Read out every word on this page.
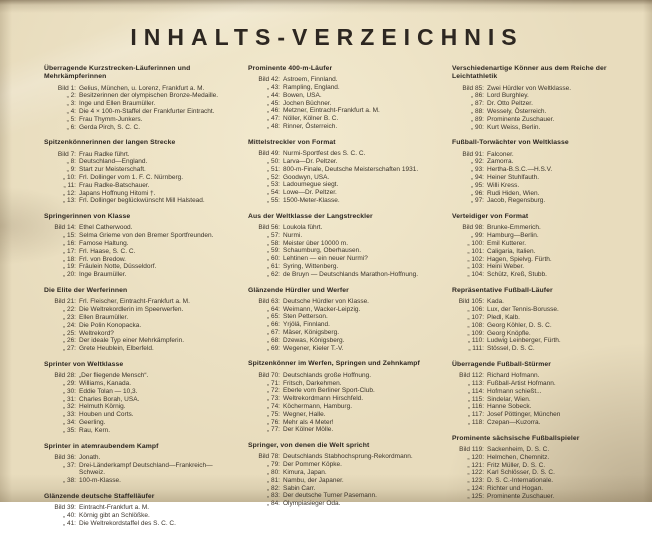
INHALTS-VERZEICHNIS
Überragende Kurzstrecken-Läuferinnen und Mehrkämpferinnen
Bild 1: Gelius, München, u. Lorenz, Frankfurt a. M.
„ 2: Besitzerinnen der olympischen Bronze-Medaille.
„ 3: Inge und Ellen Braumüller.
„ 4: Die 4 × 100-m-Staffel der Frankfurter Eintracht.
„ 5: Frau Thymm-Junkers.
„ 6: Gerda Pirch, S. C. C.
Spitzenkönnerinnen der langen Strecke
Bild 7: Frau Radke führt.
„ 8: Deutschland—England.
„ 9: Start zur Meisterschaft.
„ 10: Frl. Dollinger vom 1. F. C. Nürnberg.
„ 11: Frau Radke-Batschauer.
„ 12: Japans Hoffnung Hitomi †.
„ 13: Frl. Dollinger beglückwünscht Mill Halstead.
Springerinnen von Klasse
Bild 14: Ethel Catherwood.
„ 15: Selma Grieme von den Bremer Sportfreunden.
„ 16: Famose Haltung.
„ 17: Frl. Haase, S. C. C.
„ 18: Frl. von Bredow.
„ 19: Fräulein Notte, Düsseldorf.
„ 20: Inge Braumüller.
Die Elite der Werferinnen
Bild 21: Frl. Fleischer, Eintracht-Frankfurt a. M.
„ 22: Die Weltrekordlerin im Speerwerfen.
„ 23: Ellen Braumüller.
„ 24: Die Polin Konopacka.
„ 25: Weltrekord?
„ 26: Der ideale Typ einer Mehrkämpferin.
„ 27: Grete Heublein, Elberfeld.
Sprinter von Weltklasse
Bild 28: „Der fliegende Mensch“.
„ 29: Williams, Kanada.
„ 30: Eddie Tolan — 10,3.
„ 31: Charles Borah, USA.
„ 32: Helmuth Körnig.
„ 33: Houben und Corts.
„ 34: Geerling.
„ 35: Rau, Kern.
Sprinter in atemraubendem Kampf
Bild 36: Jonath.
„ 37: Drei-Länderkampf Deutschland—Frankreich—Schweiz.
„ 38: 100-m-Klasse.
Glänzende deutsche Staffelläufer
Bild 39: Eintracht-Frankfurt a. M.
„ 40: Körnig gibt an Schlößke.
„ 41: Die Weltrekordstaffel des S. C. C.
Prominente 400-m-Läufer
Bild 42: Astroem, Finnland.
„ 43: Rampling, England.
„ 44: Bowen, USA.
„ 45: Jochen Büchner.
„ 46: Metzner, Eintracht-Frankfurt a. M.
„ 47: Nöller, Kölner B. C.
„ 48: Rinner, Österreich.
Mittelstreckler von Format
Bild 49: Nurmi-Sportfest des S. C. C.
„ 50: Larva—Dr. Peltzer.
„ 51: 800-m-Finale, Deutsche Meisterschaften 1931.
„ 52: Goodwyn, USA.
„ 53: Ladoumegue siegt.
„ 54: Lowe—Dr. Peltzer.
„ 55: 1500-Meter-Klasse.
Aus der Weltklasse der Langstreckler
Bild 56: Loukola führt.
„ 57: Nurmi.
„ 58: Meister über 10000 m.
„ 59: Schaumburg, Oberhausen.
„ 60: Lehtinen — ein neuer Nurmi?
„ 61: Syring, Wittenberg.
„ 62: de Bruyn — Deutschlands Marathon-Hoffnung.
Glänzende Hürdler und Werfer
Bild 63: Deutsche Hürdler von Klasse.
„ 64: Weimann, Wacker-Leipzig.
„ 65: Sten Petterson.
„ 66: Yrjölä, Finnland.
„ 67: Mäser, Königsberg.
„ 68: Dzewas, Königsberg.
„ 69: Wegener, Kieler T.-V.
Spitzenkönner im Werfen, Springen und Zehnkampf
Bild 70: Deutschlands große Hoffnung.
„ 71: Fritsch, Darkehmen.
„ 72: Eberle vom Berliner Sport-Club.
„ 73: Weltrekordmann Hirschfeld.
„ 74: Köchermann, Hamburg.
„ 75: Wegner, Halle.
„ 76: Mehr als 4 Meter!
„ 77: Der Kölner Mölle.
Springer, von denen die Welt spricht
Bild 78: Deutschlands Stabhochsprung-Rekordmann.
„ 79: Der Pommer Köpke.
„ 80: Kimura, Japan.
„ 81: Nambu, der Japaner.
„ 82: Sabin Carr.
„ 83: Der deutsche Turner Pasemann.
„ 84: Olympiasieger Oda.
Verschiedenartige Könner aus dem Reiche der Leichtathletik
Bild 85: Zwei Hürdler von Weltklasse.
„ 86: Lord Burghley.
„ 87: Dr. Otto Peltzer.
„ 88: Wessely, Österreich.
„ 89: Prominente Zuschauer.
„ 90: Kurt Weiss, Berlin.
Fußball-Torwächter von Weltklasse
Bild 91: Falconer.
„ 92: Zamorra.
„ 93: Hertha-B.S.C.—H.S.V.
„ 94: Heiner Stuhlfauth.
„ 95: Willi Kress.
„ 96: Rudi Hiden, Wien.
„ 97: Jacob, Regensburg.
Verteidiger von Format
Bild 98: Brunke-Emmerich.
„ 99: Hamburg—Berlin.
„ 100: Emil Kutterer.
„ 101: Caligaria, Italien.
„ 102: Hagen, Spielvg. Fürth.
„ 103: Heini Weber.
„ 104: Schütz, Kreß, Stubb.
Repräsentative Fußball-Läufer
Bild 105: Kada.
„ 106: Lux, der Tennis-Borusse.
„ 107: Pledl, Kalb.
„ 108: Georg Köhler, D. S. C.
„ 109: Georg Knöpfle.
„ 110: Ludwig Leinberger, Fürth.
„ 111: Stössel, D. S. C.
Überragende Fußball-Stürmer
Bild 112: Richard Hofmann.
„ 113: Fußball-Artist Hofmann.
„ 114: Hofmann schießt...
„ 115: Sindelar, Wien.
„ 116: Hanne Sobeck.
„ 117: Josef Pöttinger, München
„ 118: Czepan—Kuzorra.
Prominente sächsische Fußballspieler
Bild 119: Sackenheim, D. S. C.
„ 120: Helmchen, Chemnitz.
„ 121: Fritz Müller, D. S. C.
„ 122: Karl Schlösser, D. S. C.
„ 123: D. S. C.-Internationale.
„ 124: Richter und Hogan.
„ 125: Prominente Zuschauer.
